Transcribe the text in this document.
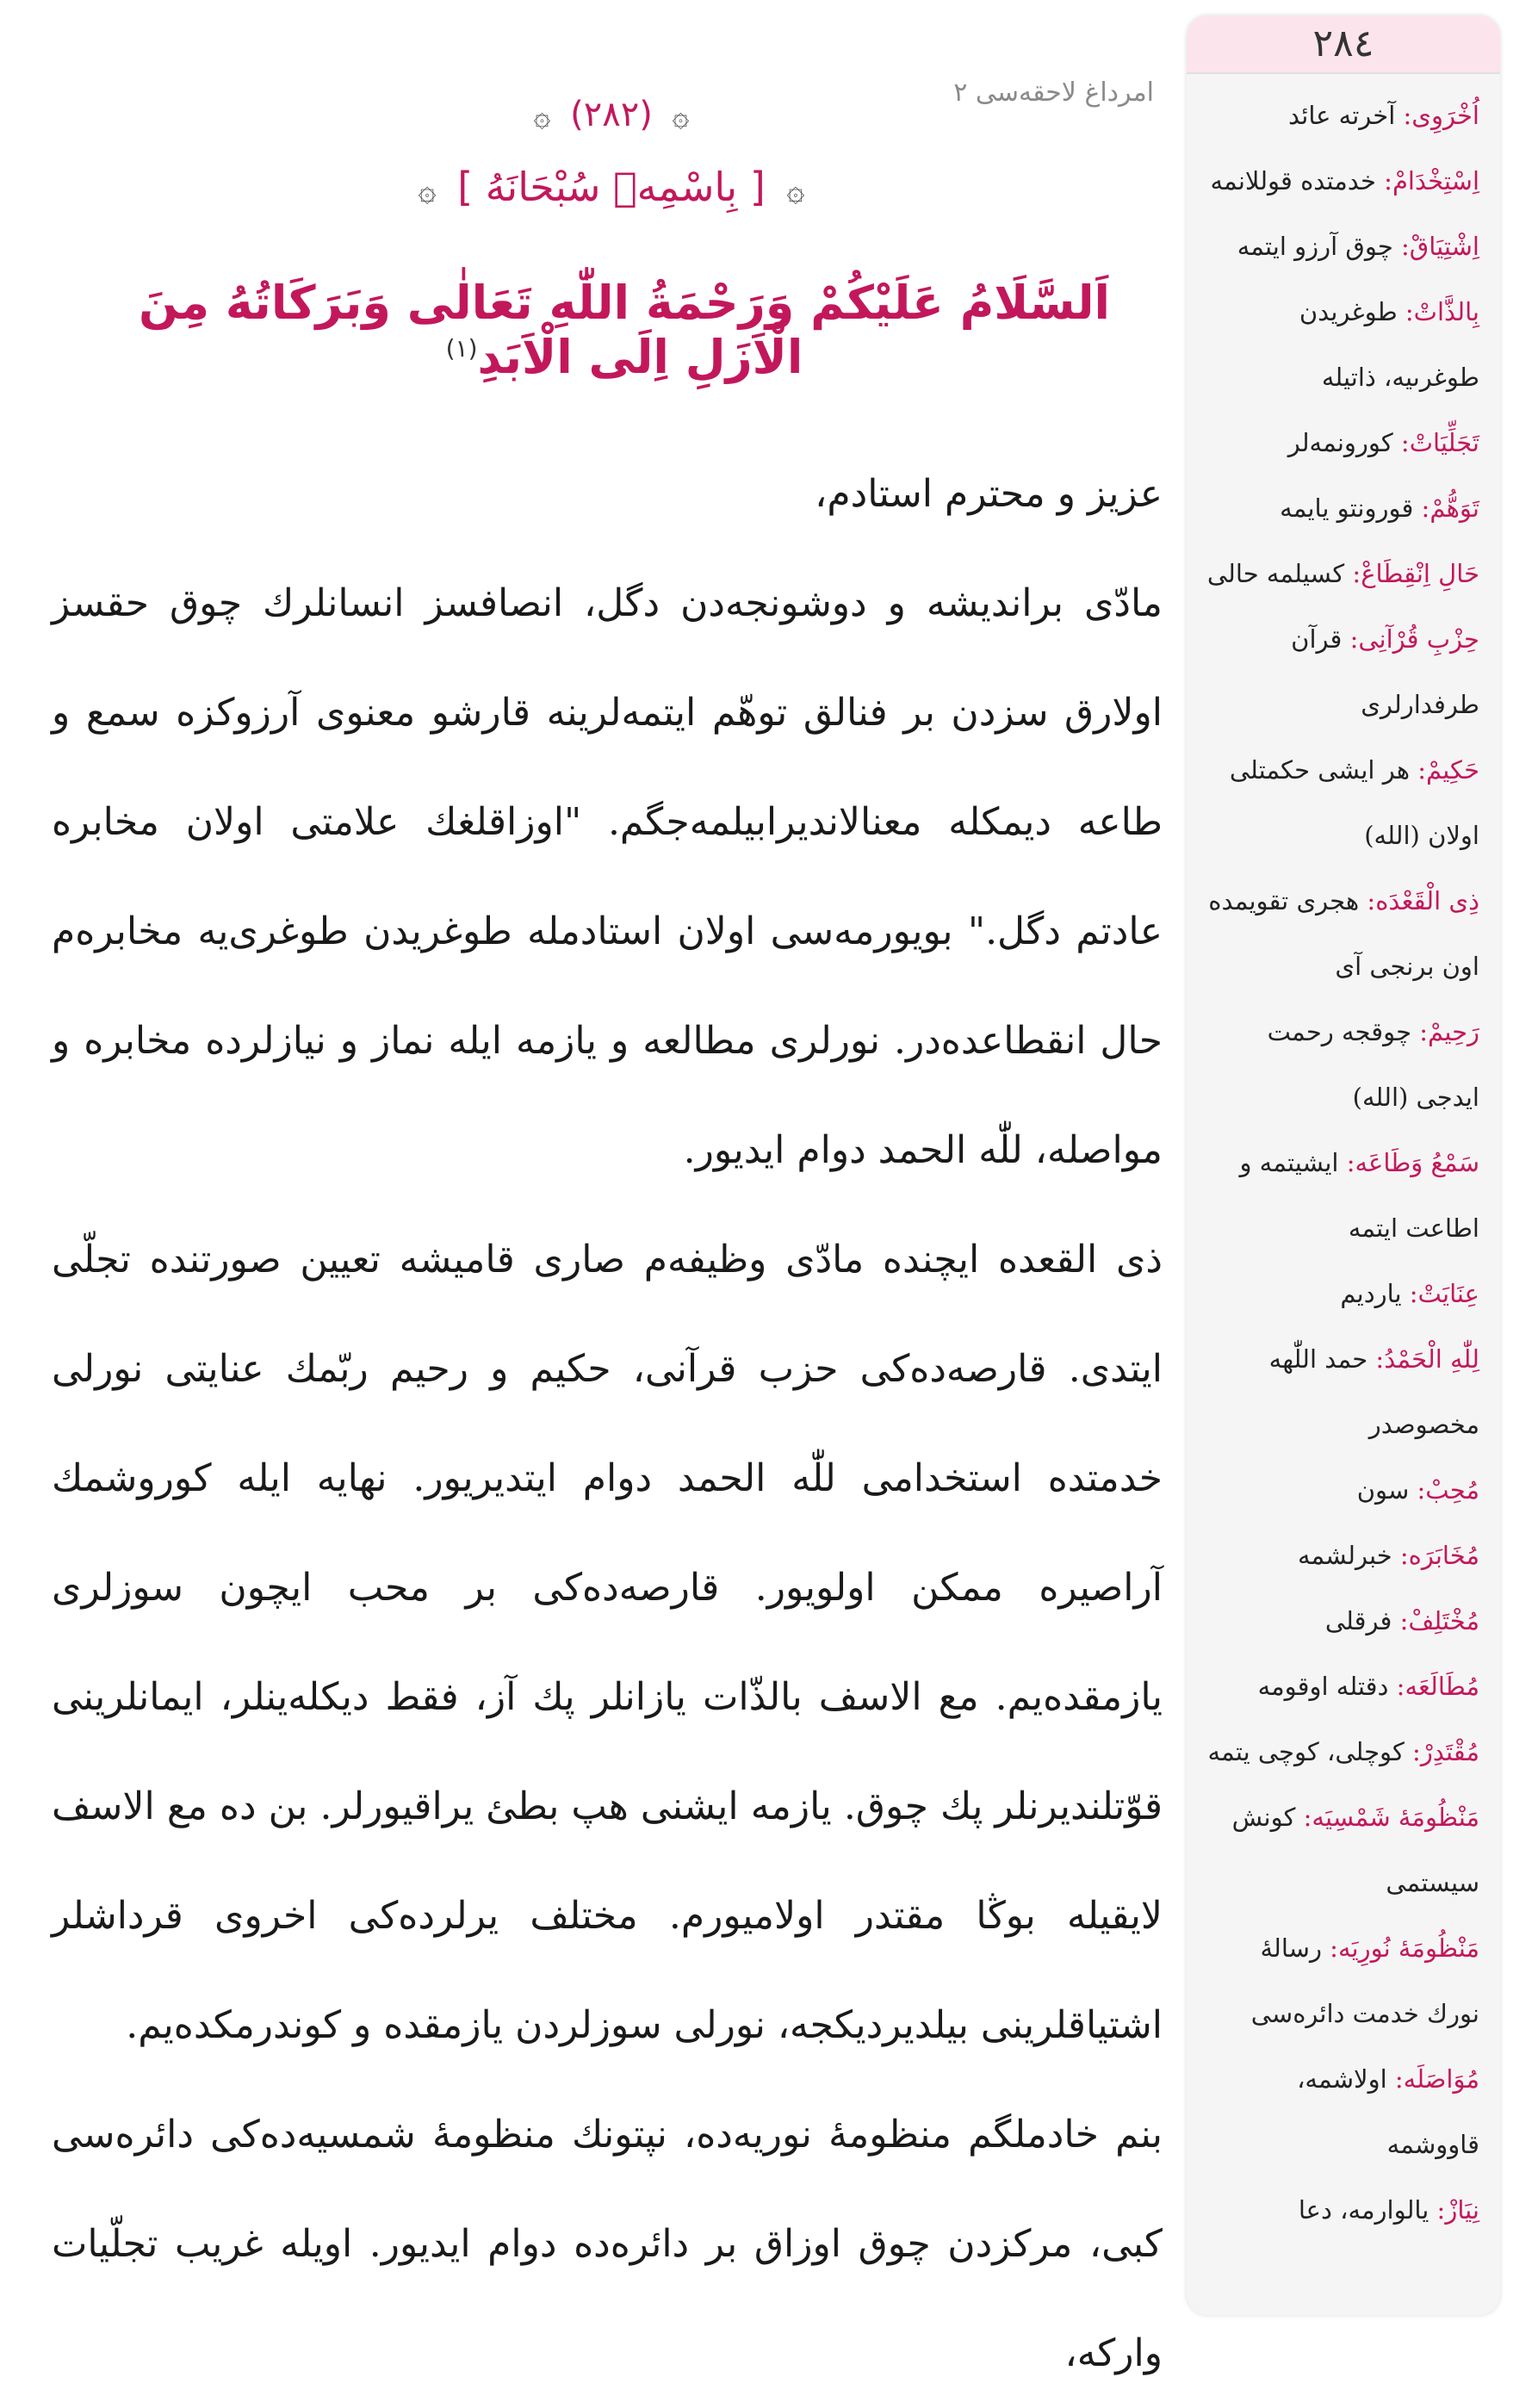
امرداغ لاحقه‌سى ٢
۞ (٢٨٢) ۞
۞ [ بِاسْمِهٖ سُبْحَانَهُ ] ۞
اَلسَّلَامُ عَلَيْكُمْ وَرَحْمَةُ اللّٰهِ تَعَالٰى وَبَرَكَاتُهُ مِنَ الْاَزَلِ اِلَى الْاَبَدِ$^{(١)}$

عزيز و محترم استادم،

مادّى برانديشه و دوشونجه‌دن دگل، انصافسز انسانلرك چوق حقسز اولارق سزدن بر فنالق توهّم ايتمه‌لرينه قارشو معنوى آرزوكزه سمع و طاعه ديمكله معنالانديرابيلمه‌جگم. "اوزاقلغك علامتى اولان مخابره عادتم دگل." بويورمه‌سى اولان استادمله طوغريدن طوغرى‌يه مخابره‌م حال انقطاعده‌در. نورلرى مطالعه و يازمه ايله نماز و نيازلرده مخابره و مواصله، للّٰه الحمد دوام ايديور.

ذى القعده ايچنده مادّى وظيفه‌م صارى قاميشه تعيين صورتنده تجلّى ايتدى. قارصه‌ده‌كى حزب قرآنى، حكيم و رحيم ربّمك عنايتى نورلى خدمتده استخدامى للّٰه الحمد دوام ايتديريور. نهايه ايله كوروشمك آراصيره ممكن اولويور. قارصه‌ده‌كى بر محب ايچون سوزلرى يازمقده‌يم. مع الاسف بالذّات يازانلر پك آز، فقط ديكله‌ينلر، ايمانلرينى قوّتلنديرنلر پك چوق. يازمه ايشنى هپ بطئ يراقيورلر. بن ده مع الاسف لايقيله بوڭا مقتدر اولاميورم. مختلف يرلرده‌كى اخروى قرداشلر اشتياقلرينى بيلديرديكجه، نورلى سوزلردن يازمقده و كوندرمكده‌يم.

بنم خادملگم منظومهٔ نوريه‌ده، نپتونك منظومهٔ شمسيه‌ده‌كى دائره‌سى كبى، مركزدن چوق اوزاق بر دائره‌ده دوام ايديور. اويله غريب تجلّيات واركه،

٢٨٤
اُخْرَوِى: آخرته عائد
اِسْتِخْدَامْ: خدمتده قوللانمه
اِشْتِيَاقْ: چوق آرزو ایتمه
بِالذَّاتْ: طوغریدن طوغرىيه، ذاتیله
تَجَلِّيَاتْ: كورونمه‌لر
تَوَهُّمْ: قورونتو يایمه
حَالِ اِنْقِطَاعْ: كسيلمه حالى
حِزْبِ قُرْآنِى: قرآن طرفدارلرى
حَكِيمْ: هر ايشى حكمتلى اولان (الله)
ذِى الْقَعْدَه: هجرى تقويمده اون برنجى آى
رَحِيمْ: چوقجه رحمت ايدجى (الله)
سَمْعُ وَطَاعَه: ايشيتمه و اطاعت ايتمه
عِنَايَتْ: ياردیم
لِلّٰهِ الْحَمْدُ: حمد اللّٰهه مخصوصدر
مُحِبْ: سون
مُخَابَرَه: خبرلشمه
مُخْتَلِفْ: فرقلى
مُطَالَعَه: دقتله اوقومه
مُقْتَدِرْ: كوچلى، كوچى يتمه
مَنْظُومَهٔ شَمْسِيَه: كونش سيستمى
مَنْظُومَهٔ نُورِيَه: رساله‌ٔ نورك خدمت دائره‌سى
مُوَاصَلَه: اولاشمه، قاووشمه
نِيَازْ: يالوارمه، دعا
